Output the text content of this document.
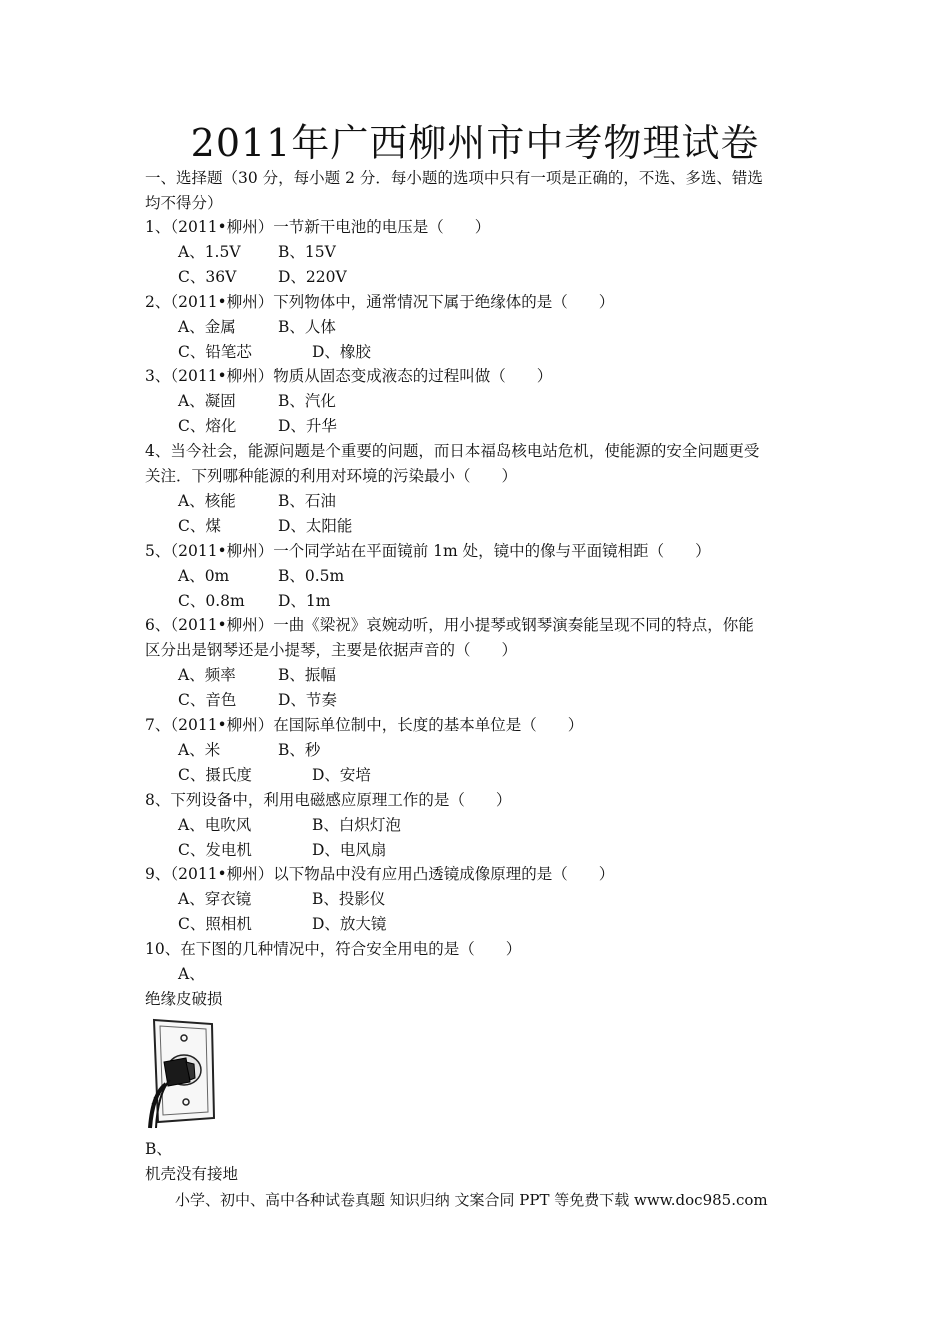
2011年广西柳州市中考物理试卷
一、选择题（30 分，每小题 2 分．每小题的选项中只有一项是正确的，不选、多选、错选
均不得分）
1、（2011•柳州）一节新干电池的电压是（　　）
A、1.5V B、15V
C、36V	D、220V
2、（2011•柳州）下列物体中，通常情况下属于绝缘体的是（　　）
A、金属	B、人体
C、铅笔芯	D、橡胶
3、（2011•柳州）物质从固态变成液态的过程叫做（　　）
A、凝固	B、汽化
C、熔化	D、升华
4、当今社会，能源问题是个重要的问题，而日本福岛核电站危机，使能源的安全问题更受
关注．下列哪种能源的利用对环境的污染最小（　　）
A、核能	B、石油
C、煤	D、太阳能
5、（2011•柳州）一个同学站在平面镜前 1m 处，镜中的像与平面镜相距（　　）
A、0m	B、0.5m
C、0.8m D、1m
6、（2011•柳州）一曲《梁祝》哀婉动听，用小提琴或钢琴演奏能呈现不同的特点，你能
区分出是钢琴还是小提琴，主要是依据声音的（　　）
A、频率	B、振幅
C、音色	D、节奏
7、（2011•柳州）在国际单位制中，长度的基本单位是（　　）
A、米	B、秒
C、摄氏度	D、安培
8、下列设备中，利用电磁感应原理工作的是（　　）
A、电吹风	B、白炽灯泡
C、发电机	D、电风扇
9、（2011•柳州）以下物品中没有应用凸透镜成像原理的是（　　）
A、穿衣镜	B、投影仪
C、照相机	D、放大镜
10、在下图的几种情况中，符合安全用电的是（　　）
A、
绝缘皮破损
B、
机壳没有接地
小学、初中、高中各种试卷真题 知识归纳 文案合同 PPT 等免费下载 www.doc985.com
